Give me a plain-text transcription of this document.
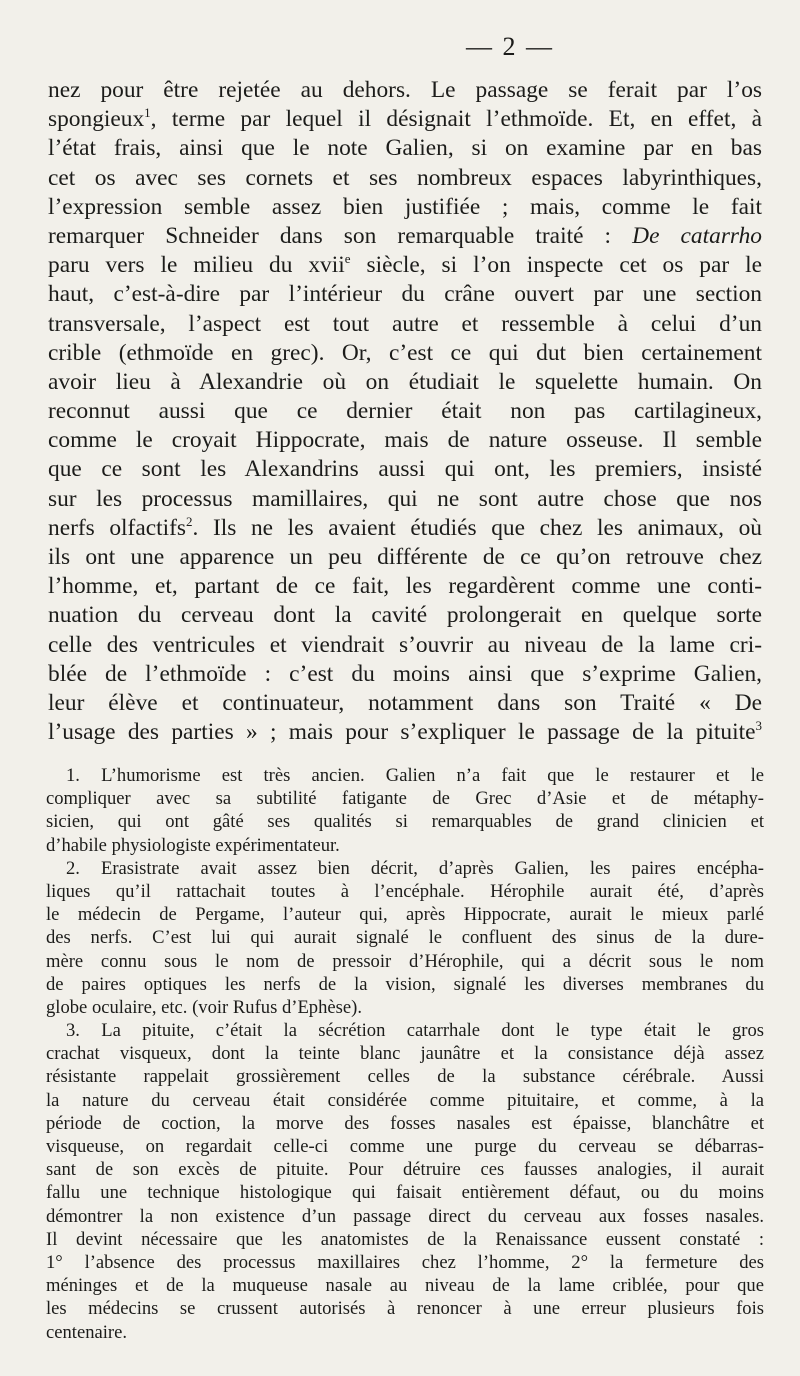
— 2 —
nez pour être rejetée au dehors. Le passage se ferait par l’os
spongieux$^1$, terme par lequel il désignait l’ethmoïde. Et, en effet, à
l’état frais, ainsi que le note Galien, si on examine par en bas
cet os avec ses cornets et ses nombreux espaces labyrinthiques,
l’expression semble assez bien justifiée ; mais, comme le fait
remarquer Schneider dans son remarquable traité : De catarrho
paru vers le milieu du xvii$^e$ siècle, si l’on inspecte cet os par le
haut, c’est-à-dire par l’intérieur du crâne ouvert par une section
transversale, l’aspect est tout autre et ressemble à celui d’un
crible (ethmoïde en grec). Or, c’est ce qui dut bien certainement
avoir lieu à Alexandrie où on étudiait le squelette humain. On
reconnut aussi que ce dernier était non pas cartilagineux,
comme le croyait Hippocrate, mais de nature osseuse. Il semble
que ce sont les Alexandrins aussi qui ont, les premiers, insisté
sur les processus mamillaires, qui ne sont autre chose que nos
nerfs olfactifs$^2$. Ils ne les avaient étudiés que chez les animaux, où
ils ont une apparence un peu différente de ce qu’on retrouve chez
l’homme, et, partant de ce fait, les regardèrent comme une conti-
nuation du cerveau dont la cavité prolongerait en quelque sorte
celle des ventricules et viendrait s’ouvrir au niveau de la lame cri-
blée de l’ethmoïde : c’est du moins ainsi que s’exprime Galien,
leur élève et continuateur, notamment dans son Traité « De
l’usage des parties » ; mais pour s’expliquer le passage de la pituite$^3$
1. L’humorisme est très ancien. Galien n’a fait que le restaurer et le
compliquer avec sa subtilité fatigante de Grec d’Asie et de métaphy-
sicien, qui ont gâté ses qualités si remarquables de grand clinicien et
d’habile physiologiste expérimentateur.
2. Erasistrate avait assez bien décrit, d’après Galien, les paires encépha-
liques qu’il rattachait toutes à l’encéphale. Hérophile aurait été, d’après
le médecin de Pergame, l’auteur qui, après Hippocrate, aurait le mieux parlé
des nerfs. C’est lui qui aurait signalé le confluent des sinus de la dure-
mère connu sous le nom de pressoir d’Hérophile, qui a décrit sous le nom
de paires optiques les nerfs de la vision, signalé les diverses membranes du
globe oculaire, etc. (voir Rufus d’Ephèse).
3. La pituite, c’était la sécrétion catarrhale dont le type était le gros
crachat visqueux, dont la teinte blanc jaunâtre et la consistance déjà assez
résistante rappelait grossièrement celles de la substance cérébrale. Aussi
la nature du cerveau était considérée comme pituitaire, et comme, à la
période de coction, la morve des fosses nasales est épaisse, blanchâtre et
visqueuse, on regardait celle-ci comme une purge du cerveau se débarras-
sant de son excès de pituite. Pour détruire ces fausses analogies, il aurait
fallu une technique histologique qui faisait entièrement défaut, ou du moins
démontrer la non existence d’un passage direct du cerveau aux fosses nasales.
Il devint nécessaire que les anatomistes de la Renaissance eussent constaté :
1° l’absence des processus maxillaires chez l’homme, 2° la fermeture des
méninges et de la muqueuse nasale au niveau de la lame criblée, pour que
les médecins se crussent autorisés à renoncer à une erreur plusieurs fois
centenaire.
